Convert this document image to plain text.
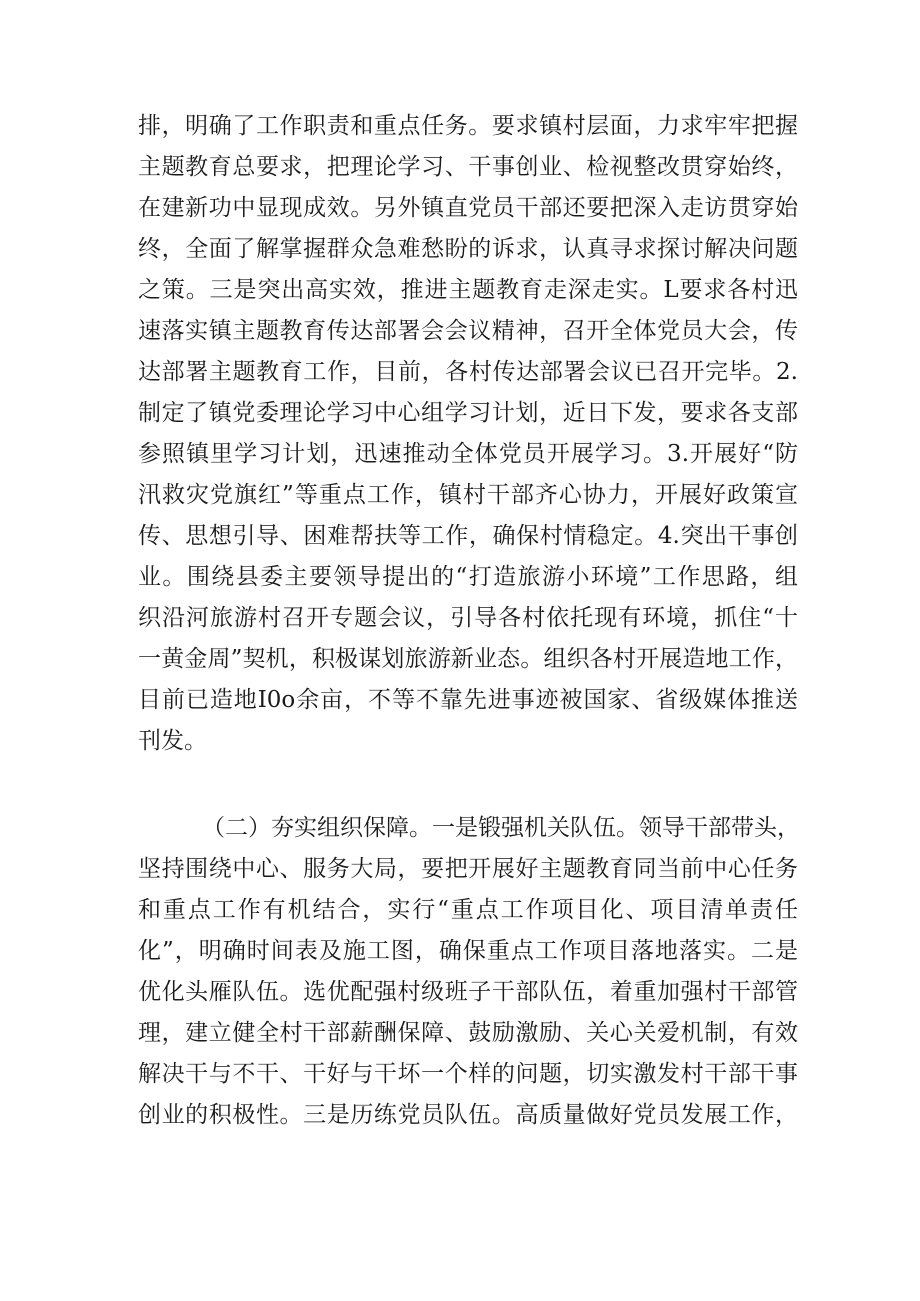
排，明确了工作职责和重点任务。要求镇村层面，力求牢牢把握
主题教育总要求，把理论学习、干事创业、检视整改贯穿始终，
在建新功中显现成效。另外镇直党员干部还要把深入走访贯穿始
终，全面了解掌握群众急难愁盼的诉求，认真寻求探讨解决问题
之策。三是突出高实效，推进主题教育走深走实。L要求各村迅
速落实镇主题教育传达部署会会议精神，召开全体党员大会，传
达部署主题教育工作，目前，各村传达部署会议已召开完毕。2.
制定了镇党委理论学习中心组学习计划，近日下发，要求各支部
参照镇里学习计划，迅速推动全体党员开展学习。3.开展好“防
汛救灾党旗红”等重点工作，镇村干部齐心协力，开展好政策宣
传、思想引导、困难帮扶等工作，确保村情稳定。4.突出干事创
业。围绕县委主要领导提出的“打造旅游小环境”工作思路，组
织沿河旅游村召开专题会议，引导各村依托现有环境，抓住“十
一黄金周”契机，积极谋划旅游新业态。组织各村开展造地工作，
目前已造地I0o余亩，不等不靠先进事迹被国家、省级媒体推送
刊发。
（二）夯实组织保障。一是锻强机关队伍。领导干部带头，
坚持围绕中心、服务大局，要把开展好主题教育同当前中心任务
和重点工作有机结合，实行“重点工作项目化、项目清单责任
化”，明确时间表及施工图，确保重点工作项目落地落实。二是
优化头雁队伍。选优配强村级班子干部队伍，着重加强村干部管
理，建立健全村干部薪酬保障、鼓励激励、关心关爱机制，有效
解决干与不干、干好与干坏一个样的问题，切实激发村干部干事
创业的积极性。三是历练党员队伍。高质量做好党员发展工作，
